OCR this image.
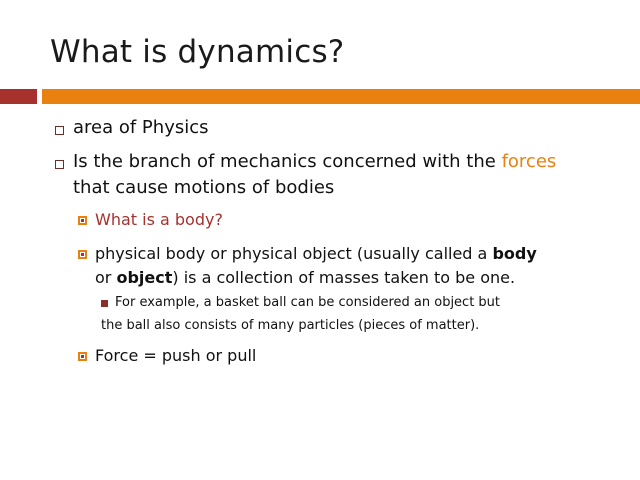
What is dynamics?
area of Physics
Is the branch of mechanics concerned with the forces
that cause motions of bodies
What is a body?
physical body or physical object (usually called a body
or object) is a collection of masses taken to be one.
For example, a basket ball can be considered an object but
the ball also consists of many particles (pieces of matter).
Force = push or pull
